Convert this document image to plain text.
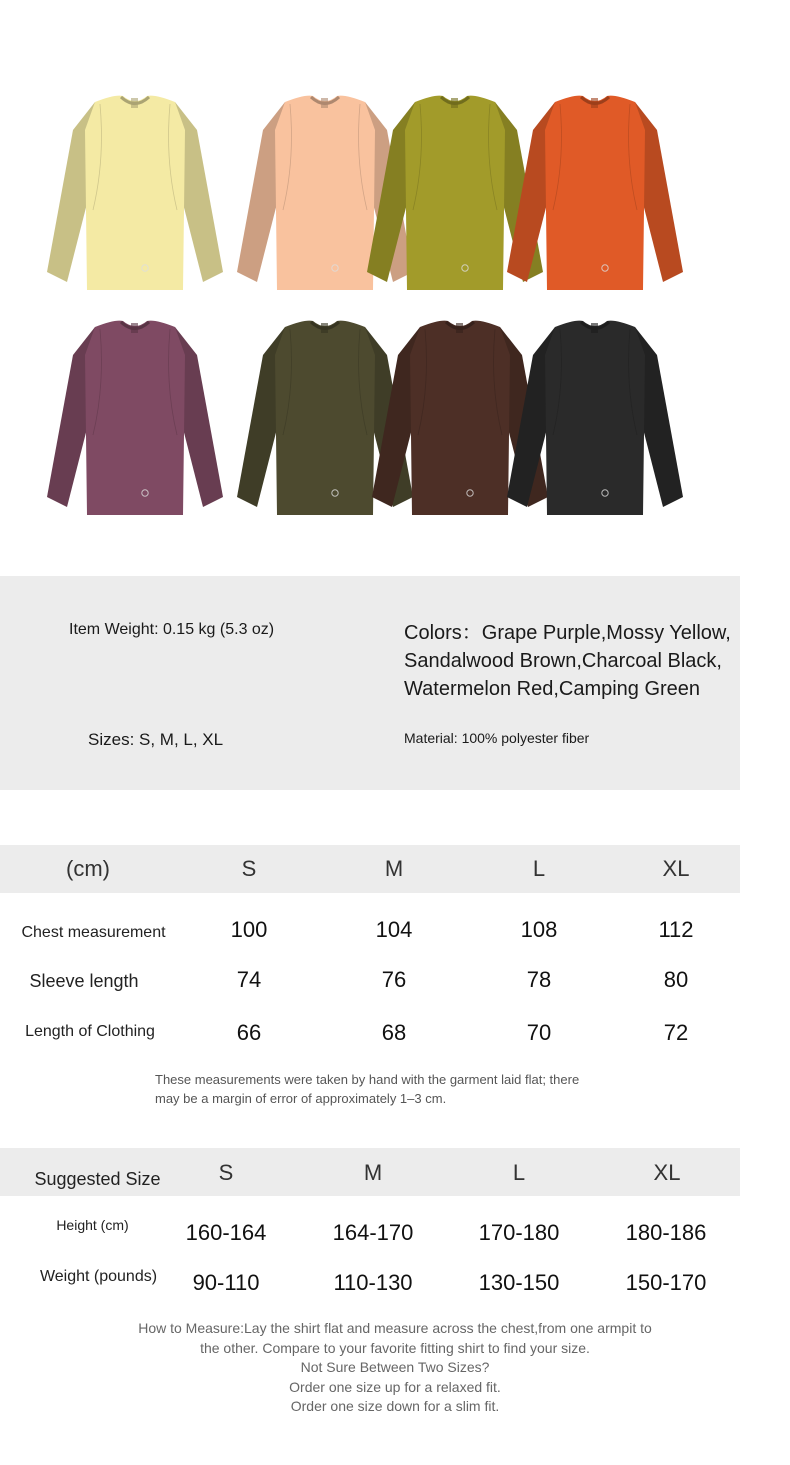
Item Weight: 0.15 kg (5.3 oz)	Colors：Grape Purple,Mossy Yellow,
Sandalwood Brown,Charcoal Black,
Watermelon Red,Camping Green
Sizes: S, M, L, XL	Material: 100% polyester fiber
(cm)	S	M	L	XL
Chest measurement	100	104	108	112
Sleeve length	74	76	78	80
Length of Clothing	66	68	70	72
These measurements were taken by hand with the garment laid flat; there
may be a margin of error of approximately 1–3 cm.
Suggested Size	S	M	L	XL
Height (cm)	160-164	164-170	170-180	180-186
Weight (pounds)	90-110	110-130	130-150	150-170
How to Measure:Lay the shirt flat and measure across the chest,from one armpit to
the other. Compare to your favorite fitting shirt to find your size.
Not Sure Between Two Sizes?
Order one size up for a relaxed fit.
Order one size down for a slim fit.
